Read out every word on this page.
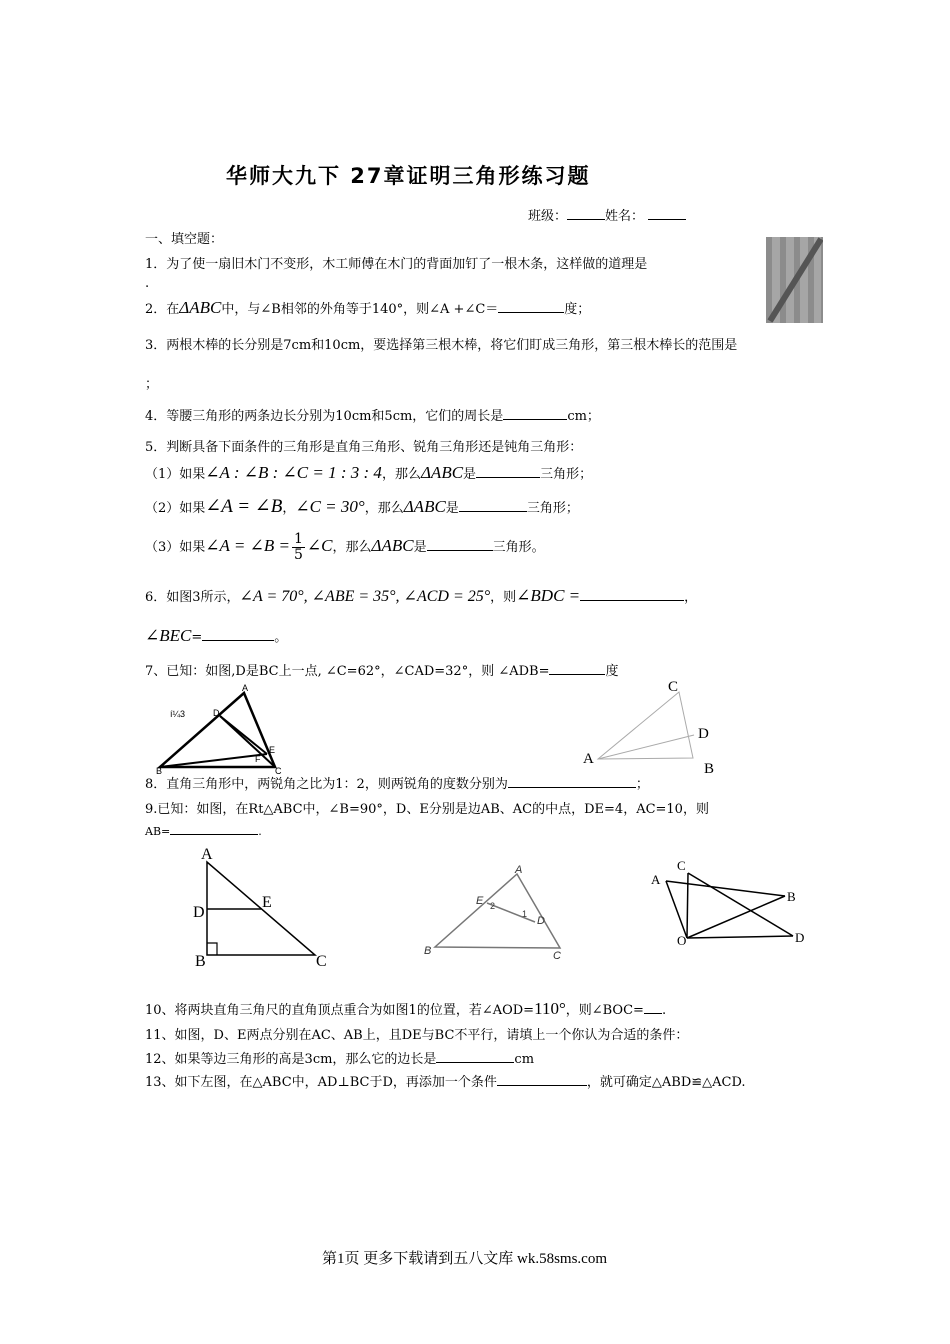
华师大九下 27章证明三角形练习题
班级：	姓名：
一、填空题：
1．为了使一扇旧木门不变形，木工师傅在木门的背面加钉了一根木条，这样做的道理是
.
2．在ΔABC中，与∠B相邻的外角等于140°，则∠A +∠C＝	度；
3．两根木棒的长分别是7cm和10cm，要选择第三根木棒，将它们盯成三角形，第三根木棒长的范围是
；
4．等腰三角形的两条边长分别为10cm和5cm，它们的周长是	cm；
5．判断具备下面条件的三角形是直角三角形、锐角三角形还是钝角三角形：
（1）如果∠A : ∠B : ∠C = 1 : 3 : 4，那么ΔABC是	三角形；
（2）如果∠A = ∠B，∠C = 30°，那么ΔABC是	三角形；
（3）如果∠A = ∠B = $\frac{1}{5}$ ∠C，那么ΔABC是	三角形。
6．如图3所示，∠A = 70°, ∠ABE = 35°, ∠ACD = 25°，则∠BDC =	，
∠BEC=	。
7、已知：如图,D是BC上一点, ∠C=62°，∠CAD=32°，则 ∠ADB=	度
í¼3
A
D
E
F
B	C
C
D
A
B
8．直角三角形中，两锐角之比为1：2，则两锐角的度数分别为	；
9.已知：如图，在Rt△ABC中，∠B=90°，D、E分别是边AB、AC的中点，DE=4，AC=10，则
AB=	.
A
D
E
B	C
A
E 2
1
D
B	C
A
C
B
D
O
10、将两块直角三角尺的直角顶点重合为如图1的位置，若∠AOD=110°，则∠BOC= .
11、如图，D、E两点分别在AC、AB上，且DE与BC不平行，请填上一个你认为合适的条件：
12、如果等边三角形的高是3cm，那么它的边长是	cm
13、如下左图，在△ABC中，AD⊥BC于D，再添加一个条件	，就可确定△ABD≌△ACD.
第1页 更多下载请到五八文库 wk.58sms.com
